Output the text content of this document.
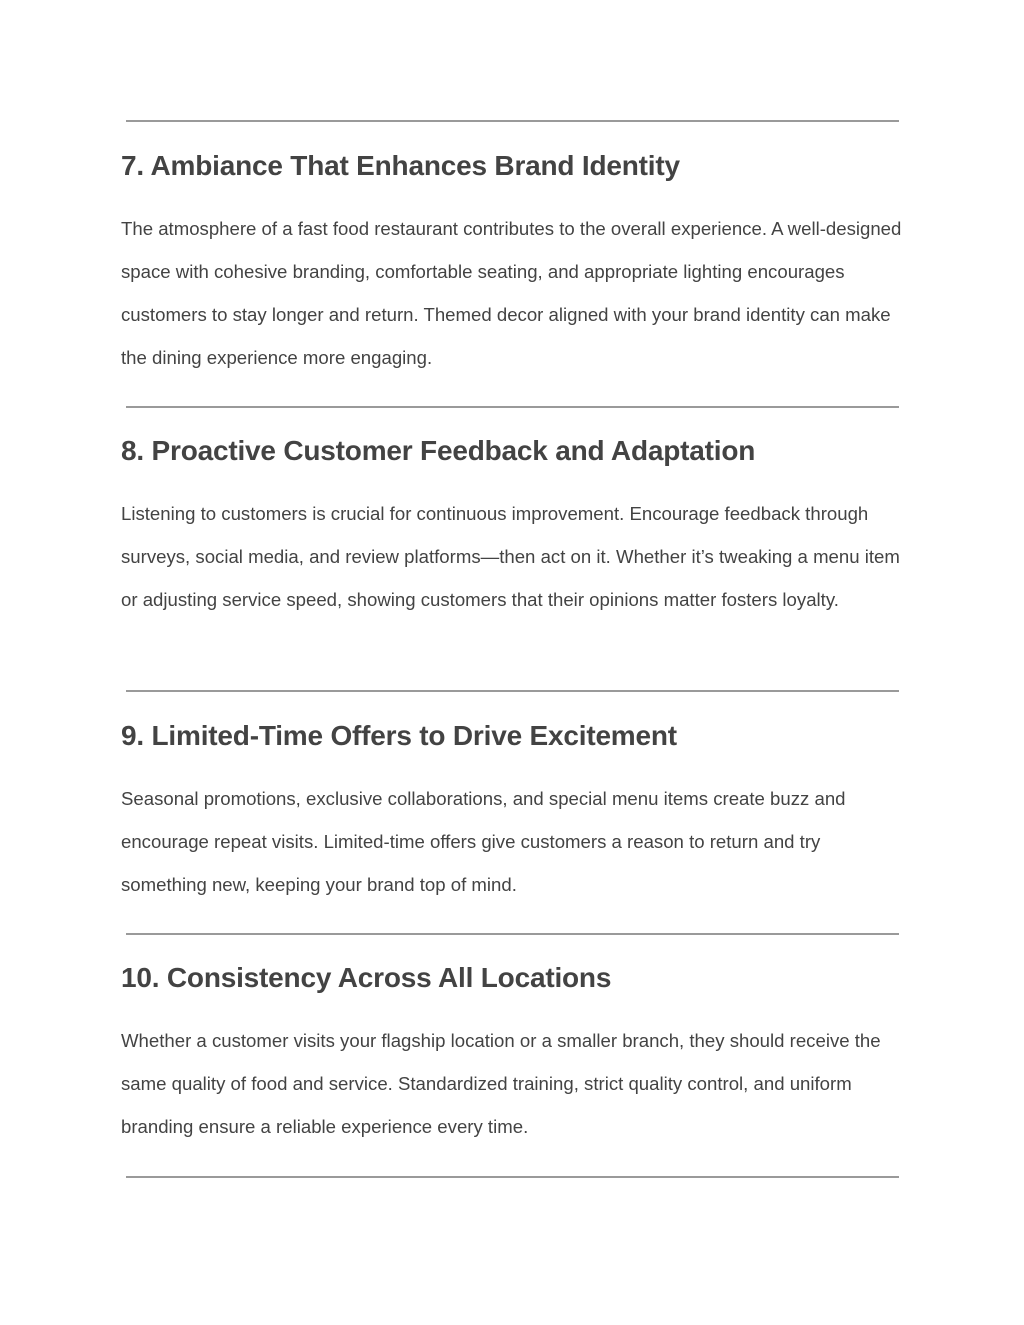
7. Ambiance That Enhances Brand Identity

The atmosphere of a fast food restaurant contributes to the overall experience. A well-designed space with cohesive branding, comfortable seating, and appropriate lighting encourages customers to stay longer and return. Themed decor aligned with your brand identity can make the dining experience more engaging.

8. Proactive Customer Feedback and Adaptation

Listening to customers is crucial for continuous improvement. Encourage feedback through surveys, social media, and review platforms—then act on it. Whether it’s tweaking a menu item or adjusting service speed, showing customers that their opinions matter fosters loyalty.

9. Limited-Time Offers to Drive Excitement

Seasonal promotions, exclusive collaborations, and special menu items create buzz and encourage repeat visits. Limited-time offers give customers a reason to return and try something new, keeping your brand top of mind.

10. Consistency Across All Locations

Whether a customer visits your flagship location or a smaller branch, they should receive the same quality of food and service. Standardized training, strict quality control, and uniform branding ensure a reliable experience every time.
